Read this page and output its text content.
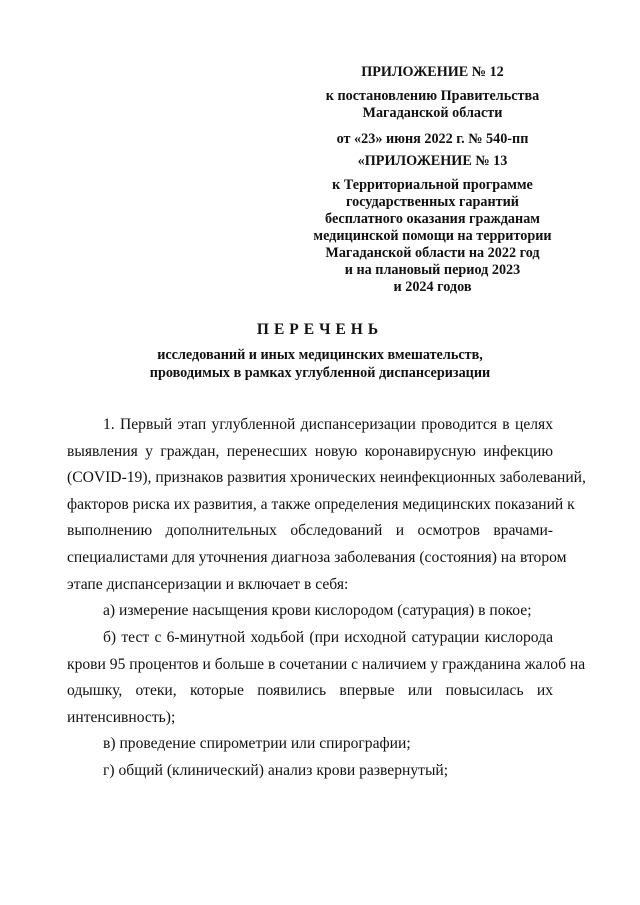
ПРИЛОЖЕНИЕ № 12
к постановлению Правительства
Магаданской области
от «23» июня 2022 г. № 540-пп
«ПРИЛОЖЕНИЕ № 13
к Территориальной программе
государственных гарантий
бесплатного оказания гражданам
медицинской помощи на территории
Магаданской области на 2022 год
и на плановый период 2023
и 2024 годов
ПЕРЕЧЕНЬ
исследований и иных медицинских вмешательств,
проводимых в рамках углубленной диспансеризации
1. Первый этап углубленной диспансеризации проводится в целях
выявления у граждан, перенесших новую коронавирусную инфекцию
(COVID-19), признаков развития хронических неинфекционных заболеваний,
факторов риска их развития, а также определения медицинских показаний к
выполнению дополнительных обследований и осмотров врачами-
специалистами для уточнения диагноза заболевания (состояния) на втором
этапе диспансеризации и включает в себя:
а) измерение насыщения крови кислородом (сатурация) в покое;
б) тест с 6-минутной ходьбой (при исходной сатурации кислорода
крови 95 процентов и больше в сочетании с наличием у гражданина жалоб на
одышку, отеки, которые появились впервые или повысилась их
интенсивность);
в) проведение спирометрии или спирографии;
г) общий (клинический) анализ крови развернутый;
